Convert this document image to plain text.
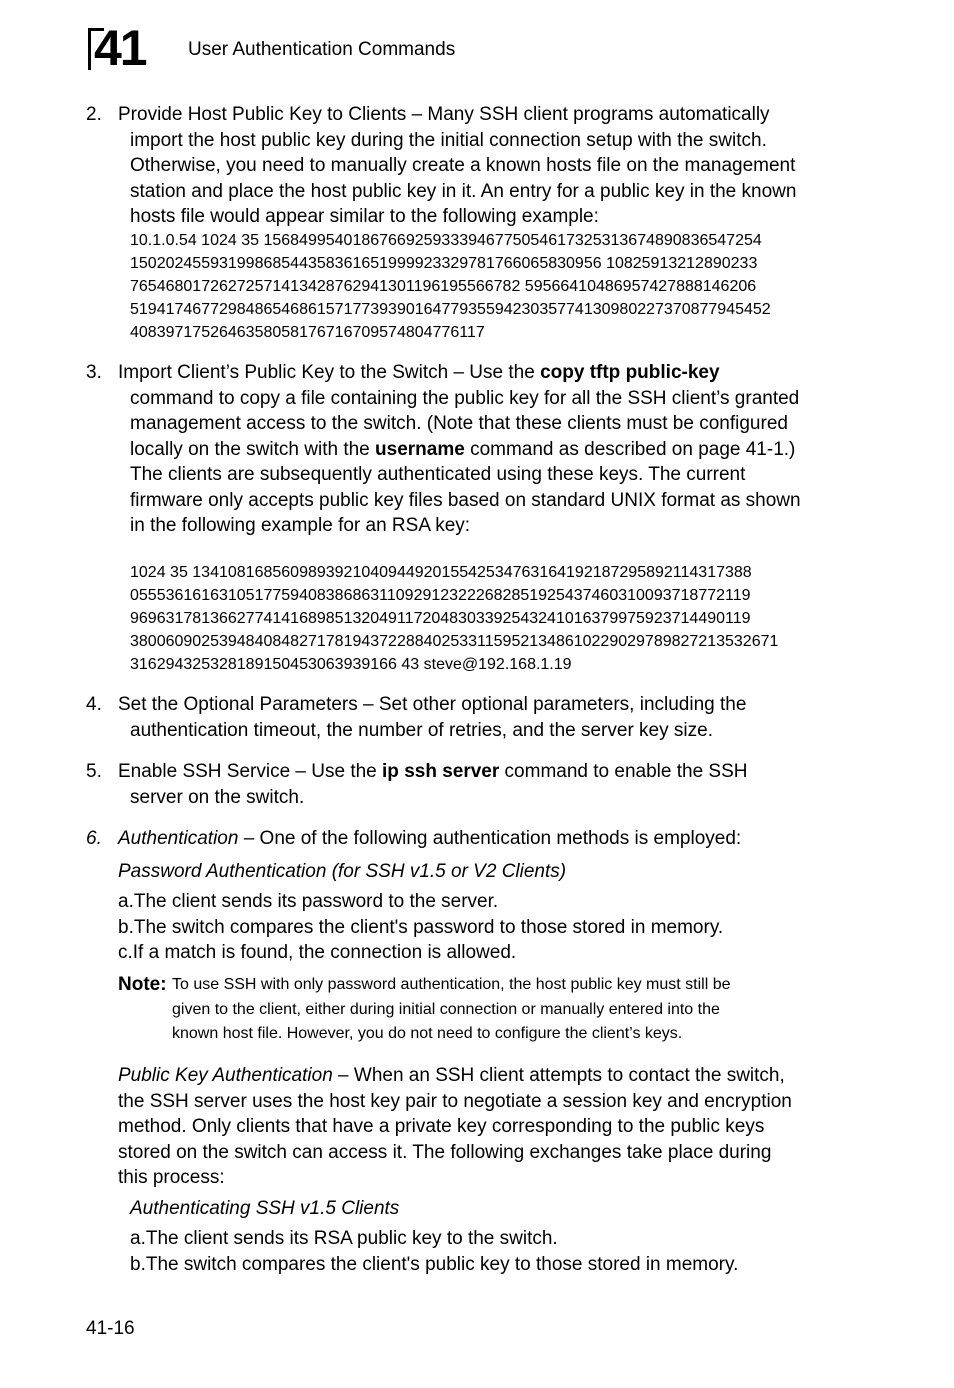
41 User Authentication Commands
2. Provide Host Public Key to Clients – Many SSH client programs automatically
import the host public key during the initial connection setup with the switch.
Otherwise, you need to manually create a known hosts file on the management
station and place the host public key in it. An entry for a public key in the known
hosts file would appear similar to the following example:
10.1.0.54 1024 35 15684995401867669259333946775054617325313674890836547254
15020245593199868544358361651999923329781766065830956 10825913212890233
76546801726272571413428762941301196195566782 59566410486957427888146206
519417467729848654686157177393901647793559423035774130980227370877945452
4083971752646358058176716709574804776117
3. Import Client’s Public Key to the Switch – Use the copy tftp public-key
command to copy a file containing the public key for all the SSH client’s granted
management access to the switch. (Note that these clients must be configured
locally on the switch with the username command as described on page 41-1.)
The clients are subsequently authenticated using these keys. The current
firmware only accepts public key files based on standard UNIX format as shown
in the following example for an RSA key:
1024 35 134108168560989392104094492015542534763164192187295892114317388
0555361616310517759408386863110929123222682851925437460310093718772119
9696317813662774141689851320491172048303392543241016379975923714490119
3800609025394840848271781943722884025331159521348610229029789827213532671
316294325328189150453063939166 43 steve@192.168.1.19
4. Set the Optional Parameters – Set other optional parameters, including the
authentication timeout, the number of retries, and the server key size.
5. Enable SSH Service – Use the ip ssh server command to enable the SSH
server on the switch.
6. Authentication – One of the following authentication methods is employed:
Password Authentication (for SSH v1.5 or V2 Clients)
a.The client sends its password to the server.
b.The switch compares the client's password to those stored in memory.
c.If a match is found, the connection is allowed.
Note: To use SSH with only password authentication, the host public key must still be
given to the client, either during initial connection or manually entered into the
known host file. However, you do not need to configure the client’s keys.
Public Key Authentication – When an SSH client attempts to contact the switch,
the SSH server uses the host key pair to negotiate a session key and encryption
method. Only clients that have a private key corresponding to the public keys
stored on the switch can access it. The following exchanges take place during
this process:
Authenticating SSH v1.5 Clients
a.The client sends its RSA public key to the switch.
b.The switch compares the client's public key to those stored in memory.
41-16
